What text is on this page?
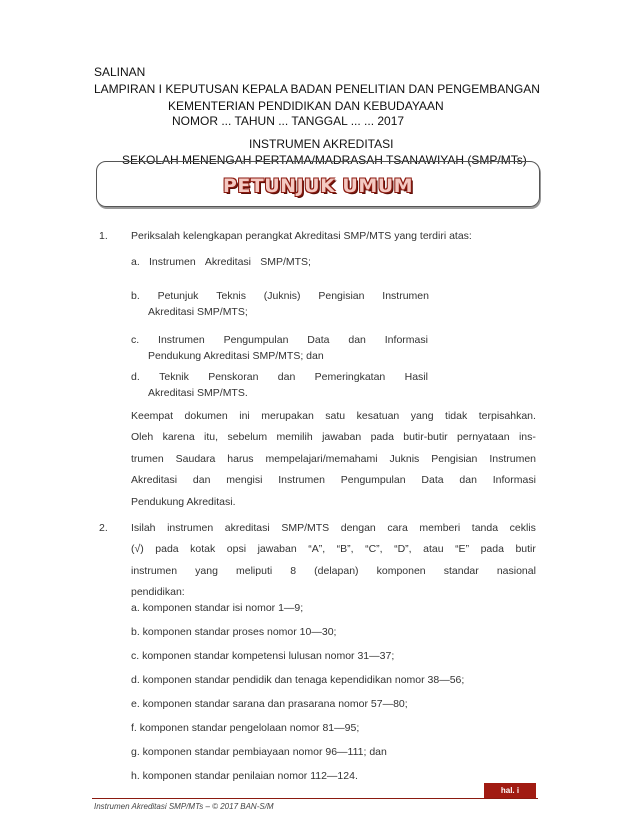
SALINAN
LAMPIRAN I KEPUTUSAN KEPALA BADAN PENELITIAN DAN PENGEMBANGAN
KEMENTERIAN PENDIDIKAN DAN KEBUDAYAAN
NOMOR ... TAHUN ... TANGGAL ... ... 2017
INSTRUMEN AKREDITASI
SEKOLAH MENENGAH PERTAMA/MADRASAH TSANAWIYAH (SMP/MTs)
PETUNJUK UMUM
1. Periksalah kelengkapan perangkat Akreditasi SMP/MTS yang terdiri atas:
a. Instrumen Akreditasi SMP/MTS;
b. Petunjuk Teknis (Juknis) Pengisian Instrumen
Akreditasi SMP/MTS;
c. Instrumen Pengumpulan Data dan Informasi
Pendukung Akreditasi SMP/MTS; dan
d. Teknik Penskoran dan Pemeringkatan Hasil
Akreditasi SMP/MTS.
Keempat dokumen ini merupakan satu kesatuan yang tidak terpisahkan.
Oleh karena itu, sebelum memilih jawaban pada butir-butir pernyataan ins-
trumen Saudara harus mempelajari/memahami Juknis Pengisian Instrumen
Akreditasi dan mengisi Instrumen Pengumpulan Data dan Informasi
Pendukung Akreditasi.
2. Isilah instrumen akreditasi SMP/MTS dengan cara memberi tanda ceklis
(√) pada kotak opsi jawaban “A”, “B”, “C”, “D”, atau “E” pada butir
instrumen yang meliputi 8 (delapan) komponen standar nasional
pendidikan:
a. komponen standar isi nomor 1—9;
b. komponen standar proses nomor 10—30;
c. komponen standar kompetensi lulusan nomor 31—37;
d. komponen standar pendidik dan tenaga kependidikan nomor 38—56;
e. komponen standar sarana dan prasarana nomor 57—80;
f. komponen standar pengelolaan nomor 81—95;
g. komponen standar pembiayaan nomor 96—111; dan
h. komponen standar penilaian nomor 112—124.
hal. i
Instrumen Akreditasi SMP/MTs – © 2017 BAN-S/M
